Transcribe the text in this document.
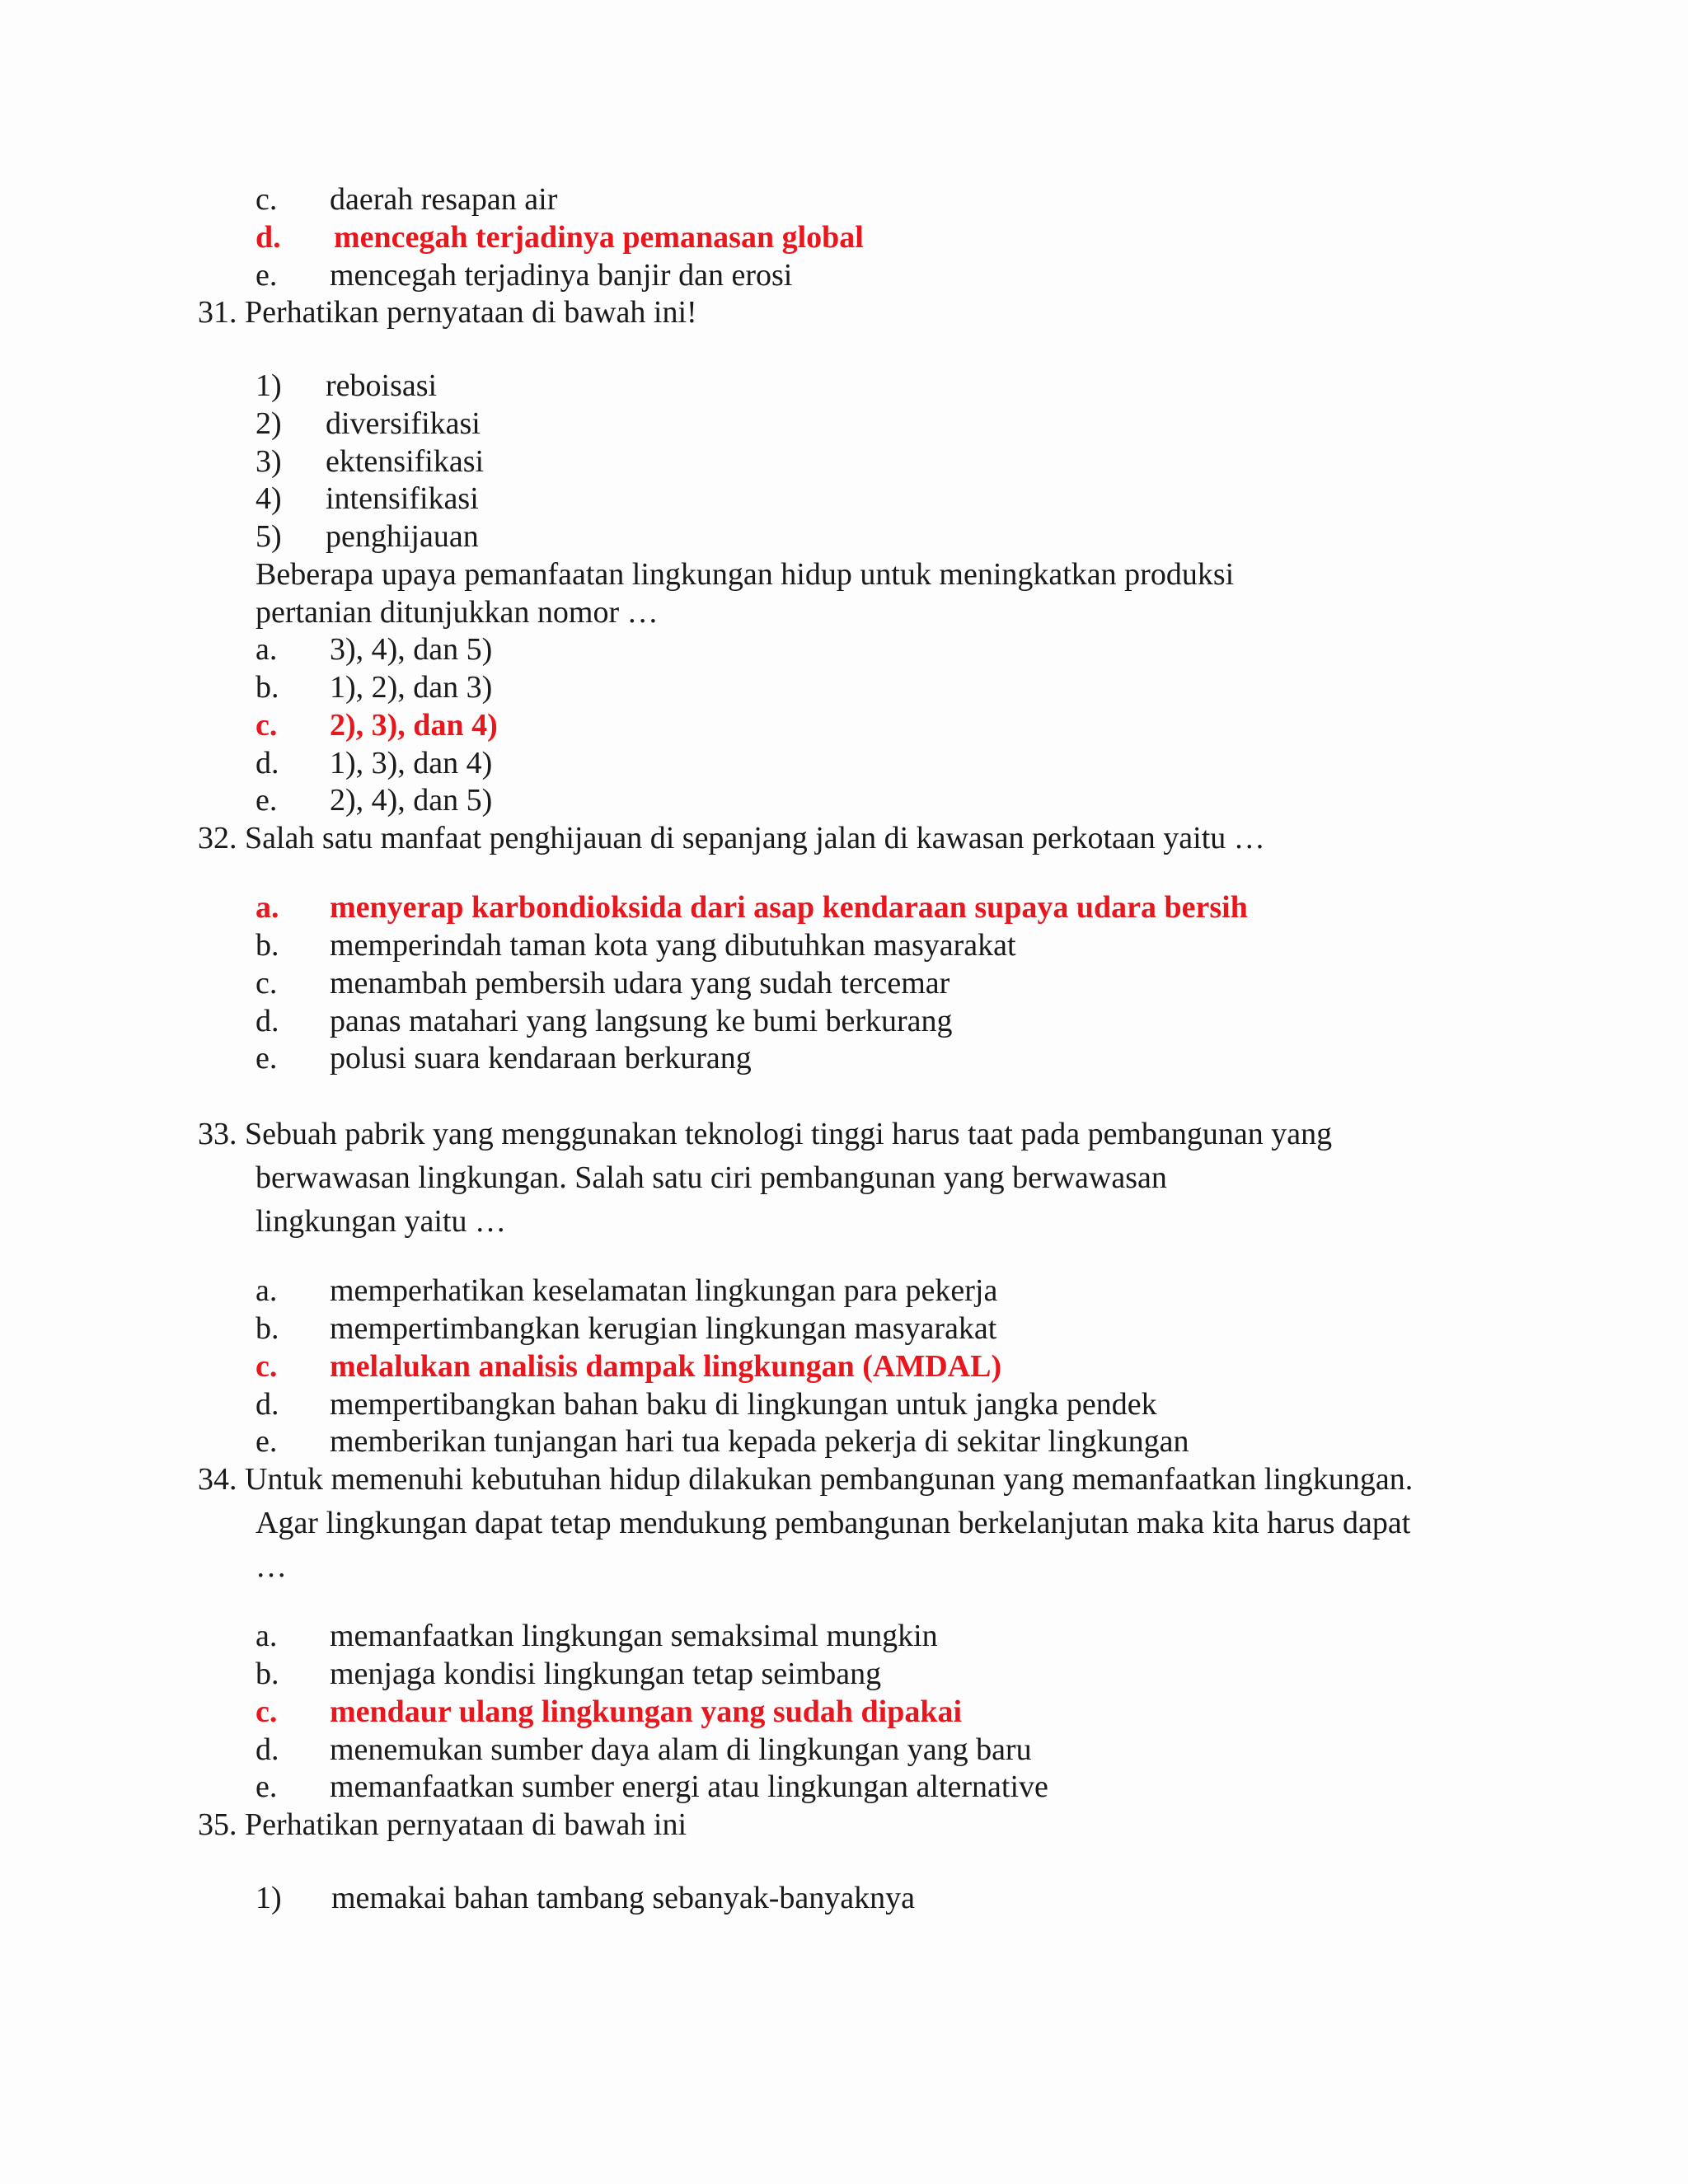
c. daerah resapan air
d. mencegah terjadinya pemanasan global
e. mencegah terjadinya banjir dan erosi
31. Perhatikan pernyataan di bawah ini!
1) reboisasi
2) diversifikasi
3) ektensifikasi
4) intensifikasi
5) penghijauan
Beberapa upaya pemanfaatan lingkungan hidup untuk meningkatkan produksi
pertanian ditunjukkan nomor …
a. 3), 4), dan 5)
b. 1), 2), dan 3)
c. 2), 3), dan 4)
d. 1), 3), dan 4)
e. 2), 4), dan 5)
32. Salah satu manfaat penghijauan di sepanjang jalan di kawasan perkotaan yaitu …
a. menyerap karbondioksida dari asap kendaraan supaya udara bersih
b. memperindah taman kota yang dibutuhkan masyarakat
c. menambah pembersih udara yang sudah tercemar
d. panas matahari yang langsung ke bumi berkurang
e. polusi suara kendaraan berkurang
33. Sebuah pabrik yang menggunakan teknologi tinggi harus taat pada pembangunan yang
berwawasan lingkungan. Salah satu ciri pembangunan yang berwawasan
lingkungan yaitu …
a. memperhatikan keselamatan lingkungan para pekerja
b. mempertimbangkan kerugian lingkungan masyarakat
c. melalukan analisis dampak lingkungan (AMDAL)
d. mempertibangkan bahan baku di lingkungan untuk jangka pendek
e. memberikan tunjangan hari tua kepada pekerja di sekitar lingkungan
34. Untuk memenuhi kebutuhan hidup dilakukan pembangunan yang memanfaatkan lingkungan.
Agar lingkungan dapat tetap mendukung pembangunan berkelanjutan maka kita harus dapat
…
a. memanfaatkan lingkungan semaksimal mungkin
b. menjaga kondisi lingkungan tetap seimbang
c. mendaur ulang lingkungan yang sudah dipakai
d. menemukan sumber daya alam di lingkungan yang baru
e. memanfaatkan sumber energi atau lingkungan alternative
35. Perhatikan pernyataan di bawah ini
1) memakai bahan tambang sebanyak-banyaknya
